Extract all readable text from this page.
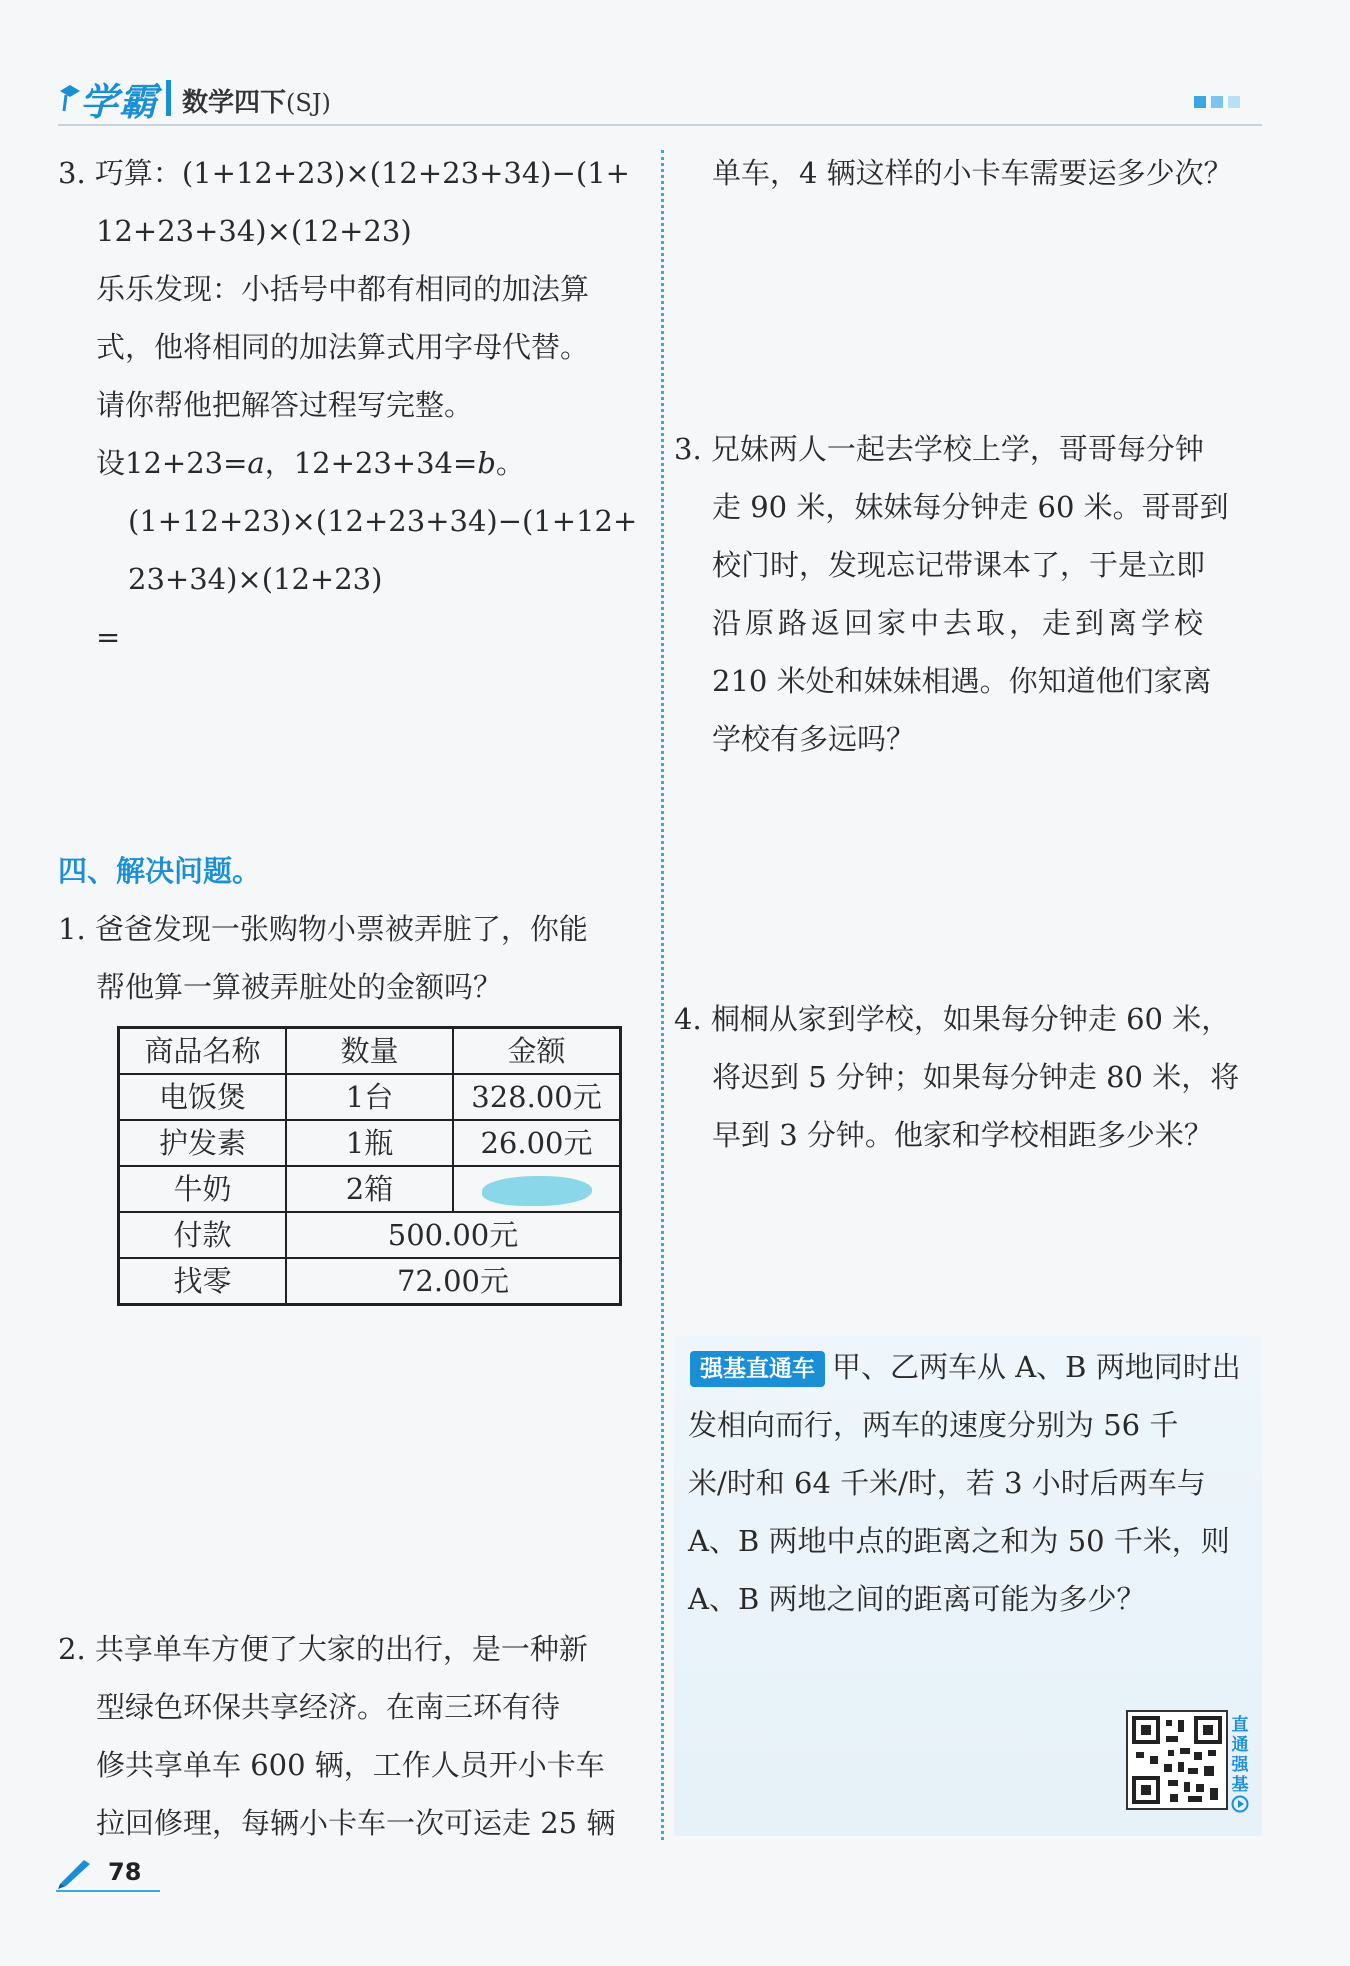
学霸 数学四下(SJ)
3. 巧算：(1+12+23)×(12+23+34)−(1+
12+23+34)×(12+23)
乐乐发现：小括号中都有相同的加法算
式，他将相同的加法算式用字母代替。
请你帮他把解答过程写完整。
设12+23=a，12+23+34=b。
(1+12+23)×(12+23+34)−(1+12+
23+34)×(12+23)
=
四、解决问题。
1. 爸爸发现一张购物小票被弄脏了，你能
帮他算一算被弄脏处的金额吗？
商品名称	数量	金额
电饭煲	1台	328.00元
护发素	1瓶	26.00元
牛奶	2箱	
付款	500.00元	
找零	72.00元	
2. 共享单车方便了大家的出行，是一种新
型绿色环保共享经济。在南三环有待
修共享单车 600 辆，工作人员开小卡车
拉回修理，每辆小卡车一次可运走 25 辆
单车，4 辆这样的小卡车需要运多少次？
3. 兄妹两人一起去学校上学，哥哥每分钟
走 90 米，妹妹每分钟走 60 米。哥哥到
校门时，发现忘记带课本了，于是立即
沿原路返回家中去取，走到离学校
210 米处和妹妹相遇。你知道他们家离
学校有多远吗？
4. 桐桐从家到学校，如果每分钟走 60 米，
将迟到 5 分钟；如果每分钟走 80 米，将
早到 3 分钟。他家和学校相距多少米？
强基直通车 甲、乙两车从 A、B 两地同时出
发相向而行，两车的速度分别为 56 千
米/时和 64 千米/时，若 3 小时后两车与
A、B 两地中点的距离之和为 50 千米，则
A、B 两地之间的距离可能为多少？
直
通
强
基
78
